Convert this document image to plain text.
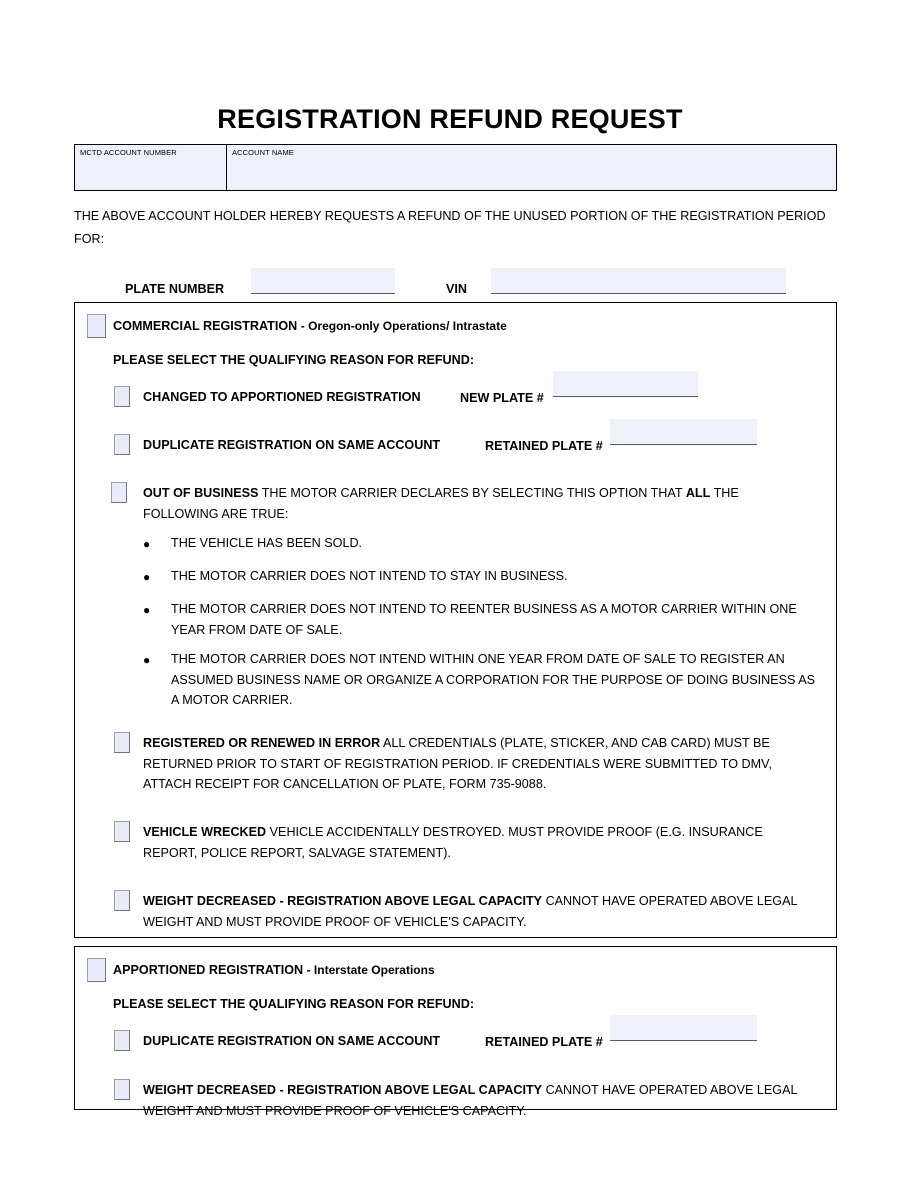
REGISTRATION REFUND REQUEST
MCTD ACCOUNT NUMBER	ACCOUNT NAME
THE ABOVE ACCOUNT HOLDER HEREBY REQUESTS A REFUND OF THE UNUSED PORTION OF THE REGISTRATION PERIOD FOR:
PLATE NUMBER	VIN
COMMERCIAL REGISTRATION - Oregon-only Operations/ Intrastate
PLEASE SELECT THE QUALIFYING REASON FOR REFUND:
CHANGED TO APPORTIONED REGISTRATION	NEW PLATE #
DUPLICATE REGISTRATION ON SAME ACCOUNT	RETAINED PLATE #
OUT OF BUSINESS THE MOTOR CARRIER DECLARES BY SELECTING THIS OPTION THAT ALL THE FOLLOWING ARE TRUE:
● THE VEHICLE HAS BEEN SOLD.
● THE MOTOR CARRIER DOES NOT INTEND TO STAY IN BUSINESS.
● THE MOTOR CARRIER DOES NOT INTEND TO REENTER BUSINESS AS A MOTOR CARRIER WITHIN ONE YEAR FROM DATE OF SALE.
● THE MOTOR CARRIER DOES NOT INTEND WITHIN ONE YEAR FROM DATE OF SALE TO REGISTER AN ASSUMED BUSINESS NAME OR ORGANIZE A CORPORATION FOR THE PURPOSE OF DOING BUSINESS AS A MOTOR CARRIER.
REGISTERED OR RENEWED IN ERROR ALL CREDENTIALS (PLATE, STICKER, AND CAB CARD) MUST BE RETURNED PRIOR TO START OF REGISTRATION PERIOD. IF CREDENTIALS WERE SUBMITTED TO DMV, ATTACH RECEIPT FOR CANCELLATION OF PLATE, FORM 735-9088.
VEHICLE WRECKED VEHICLE ACCIDENTALLY DESTROYED. MUST PROVIDE PROOF (E.G. INSURANCE REPORT, POLICE REPORT, SALVAGE STATEMENT).
WEIGHT DECREASED - REGISTRATION ABOVE LEGAL CAPACITY CANNOT HAVE OPERATED ABOVE LEGAL WEIGHT AND MUST PROVIDE PROOF OF VEHICLE'S CAPACITY.
APPORTIONED REGISTRATION - Interstate Operations
PLEASE SELECT THE QUALIFYING REASON FOR REFUND:
DUPLICATE REGISTRATION ON SAME ACCOUNT	RETAINED PLATE #
WEIGHT DECREASED - REGISTRATION ABOVE LEGAL CAPACITY CANNOT HAVE OPERATED ABOVE LEGAL WEIGHT AND MUST PROVIDE PROOF OF VEHICLE'S CAPACITY.
